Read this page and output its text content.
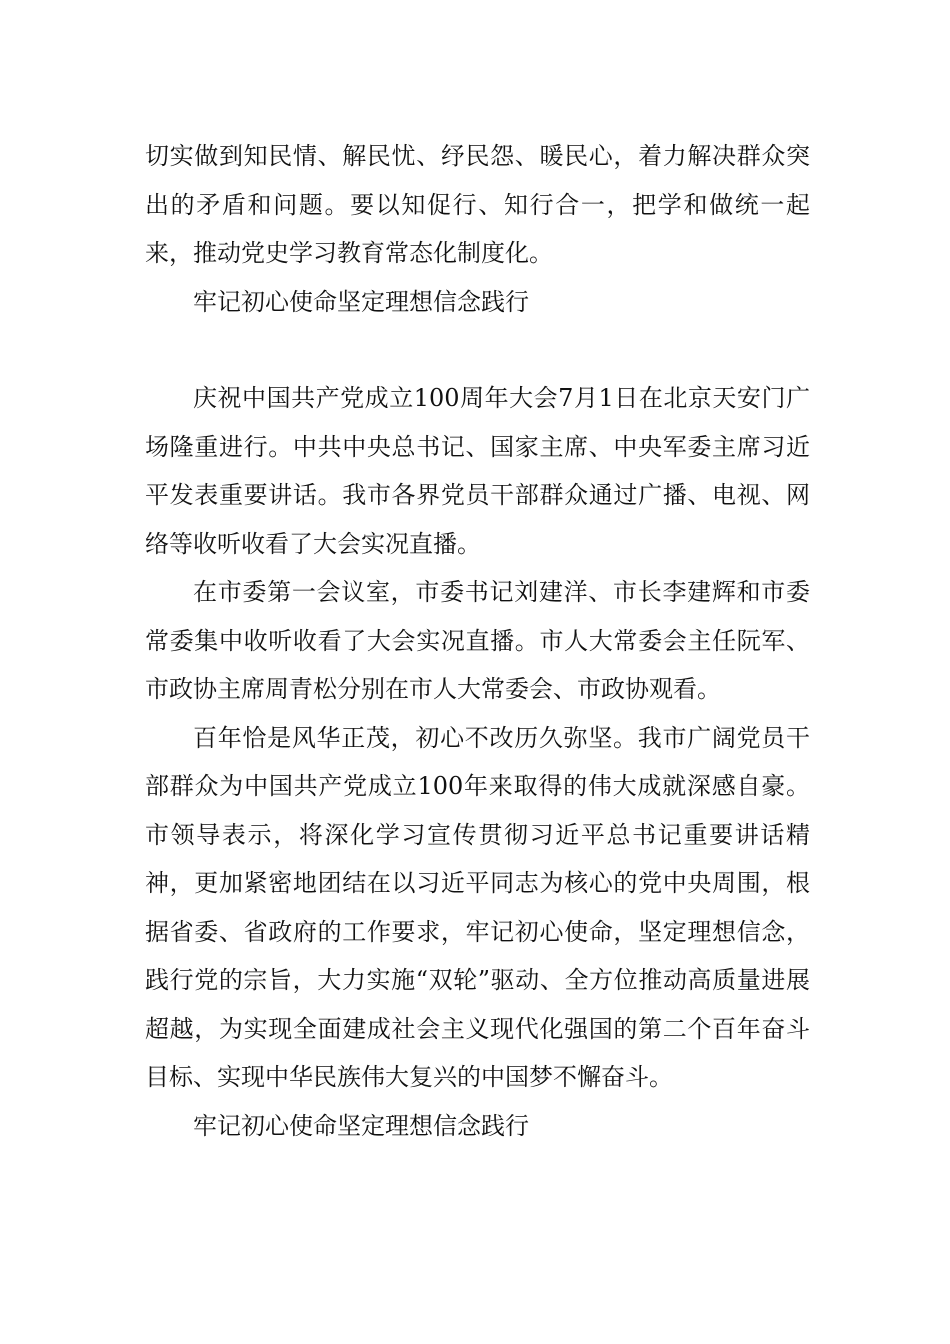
切实做到知民情、解民忧、纾民怨、暖民心，着力解决群众突出的矛盾和问题。要以知促行、知行合一，把学和做统一起来，推动党史学习教育常态化制度化。

牢记初心使命坚定理想信念践行

庆祝中国共产党成立100周年大会7月1日在北京天安门广场隆重进行。中共中央总书记、国家主席、中央军委主席习近平发表重要讲话。我市各界党员干部群众通过广播、电视、网络等收听收看了大会实况直播。

在市委第一会议室，市委书记刘建洋、市长李建辉和市委常委集中收听收看了大会实况直播。市人大常委会主任阮军、市政协主席周青松分别在市人大常委会、市政协观看。

百年恰是风华正茂，初心不改历久弥坚。我市广阔党员干部群众为中国共产党成立100年来取得的伟大成就深感自豪。市领导表示，将深化学习宣传贯彻习近平总书记重要讲话精神，更加紧密地团结在以习近平同志为核心的党中央周围，根据省委、省政府的工作要求，牢记初心使命，坚定理想信念，践行党的宗旨，大力实施“双轮”驱动、全方位推动高质量进展超越，为实现全面建成社会主义现代化强国的第二个百年奋斗目标、实现中华民族伟大复兴的中国梦不懈奋斗。

牢记初心使命坚定理想信念践行
